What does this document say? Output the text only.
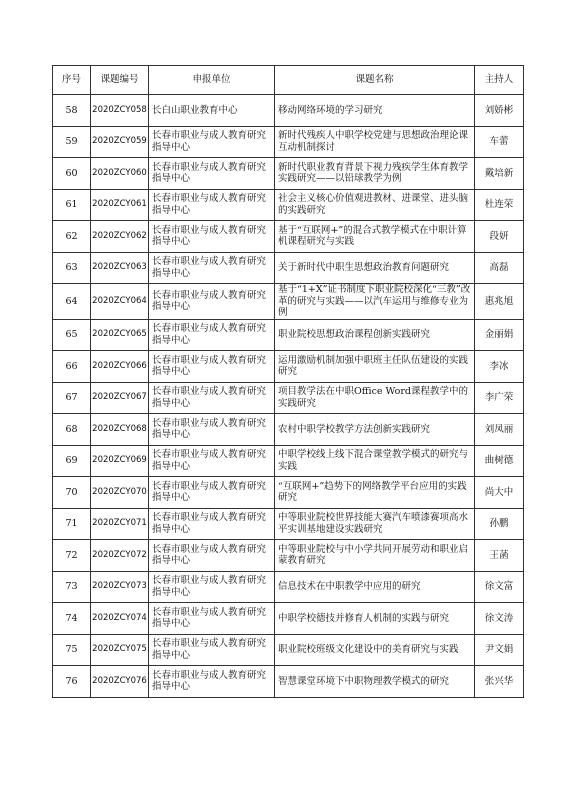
序号	课题编号	申报单位	课题名称	主持人
58	2020ZCY058	长白山职业教育中心	移动网络环境的学习研究	刘娇彬
59	2020ZCY059	长春市职业与成人教育研究指导中心	新时代残疾人中职学校党建与思想政治理论课互动机制探讨	车蕾
60	2020ZCY060	长春市职业与成人教育研究指导中心	新时代职业教育背景下视力残疾学生体育教学实践研究——以铅球教学为例	戴培新
61	2020ZCY061	长春市职业与成人教育研究指导中心	社会主义核心价值观进教材、进课堂、进头脑的实践研究	杜连荣
62	2020ZCY062	长春市职业与成人教育研究指导中心	基于“互联网+”的混合式教学模式在中职计算机课程研究与实践	段妍
63	2020ZCY063	长春市职业与成人教育研究指导中心	关于新时代中职生思想政治教育问题研究	高磊
64	2020ZCY064	长春市职业与成人教育研究指导中心	基于“1+X”证书制度下职业院校深化“三教”改革的研究与实践——以汽车运用与维修专业为例	惠兆旭
65	2020ZCY065	长春市职业与成人教育研究指导中心	职业院校思想政治课程创新实践研究	金丽娟
66	2020ZCY066	长春市职业与成人教育研究指导中心	运用激励机制加强中职班主任队伍建设的实践研究	李冰
67	2020ZCY067	长春市职业与成人教育研究指导中心	项目教学法在中职Office Word课程教学中的实践研究	李广荣
68	2020ZCY068	长春市职业与成人教育研究指导中心	农村中职学校教学方法创新实践研究	刘凤丽
69	2020ZCY069	长春市职业与成人教育研究指导中心	中职学校线上线下混合课堂教学模式的研究与实践	曲树德
70	2020ZCY070	长春市职业与成人教育研究指导中心	“互联网+”趋势下的网络教学平台应用的实践研究	尚大中
71	2020ZCY071	长春市职业与成人教育研究指导中心	中等职业院校世界技能大赛汽车喷漆赛项高水平实训基地建设实践研究	孙鹏
72	2020ZCY072	长春市职业与成人教育研究指导中心	中等职业院校与中小学共同开展劳动和职业启蒙教育研究	王菡
73	2020ZCY073	长春市职业与成人教育研究指导中心	信息技术在中职教学中应用的研究	徐文富
74	2020ZCY074	长春市职业与成人教育研究指导中心	中职学校德技并修育人机制的实践与研究	徐文涛
75	2020ZCY075	长春市职业与成人教育研究指导中心	职业院校班级文化建设中的美育研究与实践	尹文娟
76	2020ZCY076	长春市职业与成人教育研究指导中心	智慧课堂环境下中职物理教学模式的研究	张兴华
